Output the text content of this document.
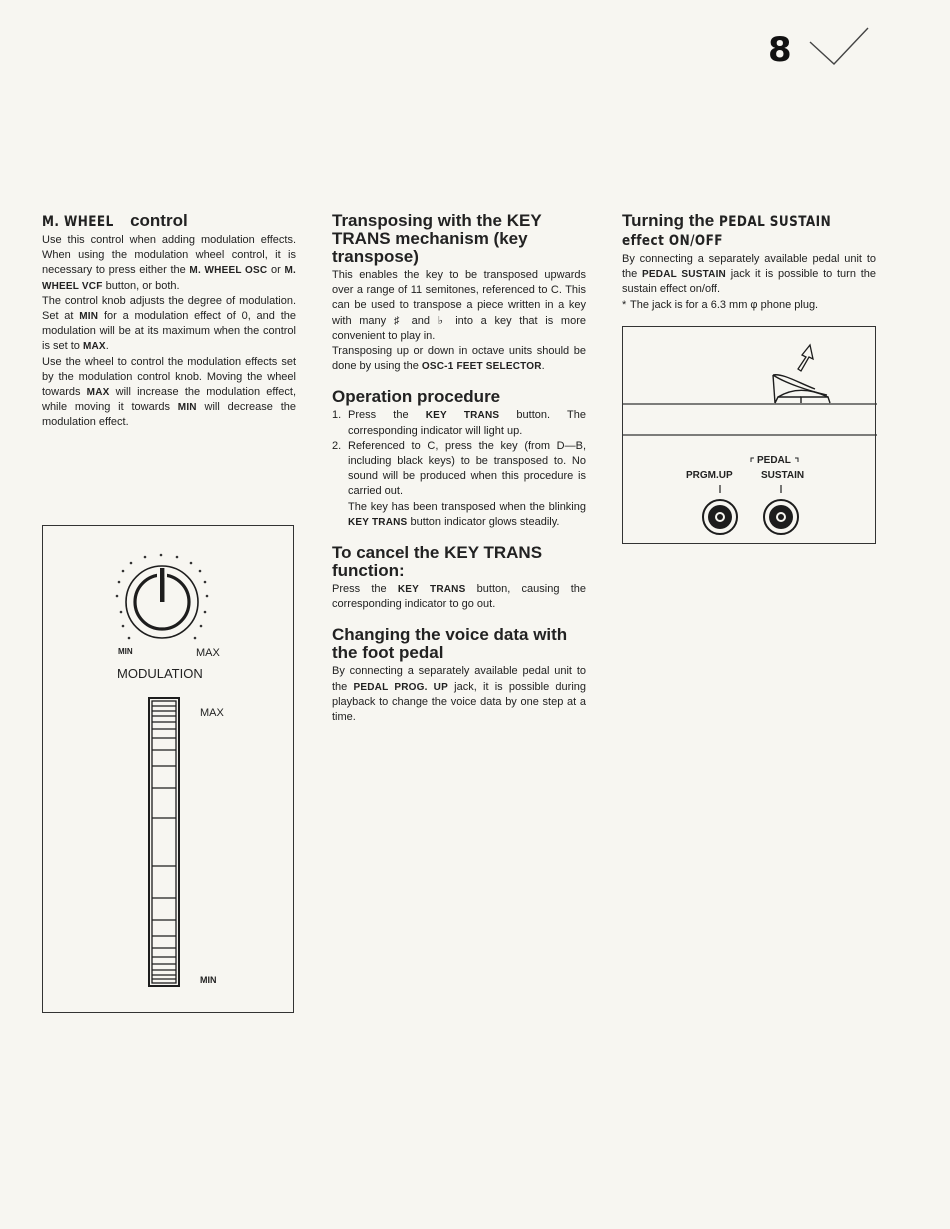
8
M. WHEEL control

Use this control when adding modulation effects. When using the modulation wheel control, it is necessary to press either the M. WHEEL OSC or M. WHEEL VCF button, or both.

The control knob adjusts the degree of modulation. Set at MIN for a modulation effect of 0, and the modulation will be at its maximum when the control is set to MAX.

Use the wheel to control the modulation effects set by the modulation control knob. Moving the wheel towards MAX will increase the modulation effect, while moving it towards MIN will decrease the modulation effect.

MIN	MAX
MODULATION
MAX
MIN
Transposing with the KEY TRANS mechanism (key transpose)

This enables the key to be transposed upwards over a range of 11 semitones, referenced to C. This can be used to transpose a piece written in a key with many ♯ and ♭ into a key that is more convenient to play in.

Transposing up or down in octave units should be done by using the OSC-1 FEET SELECTOR.

Operation procedure
1. Press the KEY TRANS button. The corresponding indicator will light up.
2. Referenced to C, press the key (from D—B, including black keys) to be transposed to. No sound will be produced when this procedure is carried out.
The key has been transposed when the blinking KEY TRANS button indicator glows steadily.
To cancel the KEY TRANS function:

Press the KEY TRANS button, causing the corresponding indicator to go out.

Changing the voice data with the foot pedal

By connecting a separately available pedal unit to the PEDAL PROG. UP jack, it is possible during playback to change the voice data by one step at a time.

Turning the PEDAL SUSTAIN
effect ON/OFF

By connecting a separately available pedal unit to the PEDAL SUSTAIN jack it is possible to turn the sustain effect on/off.

* The jack is for a 6.3 mm φ phone plug.
PEDAL
PRGM.UP	SUSTAIN
